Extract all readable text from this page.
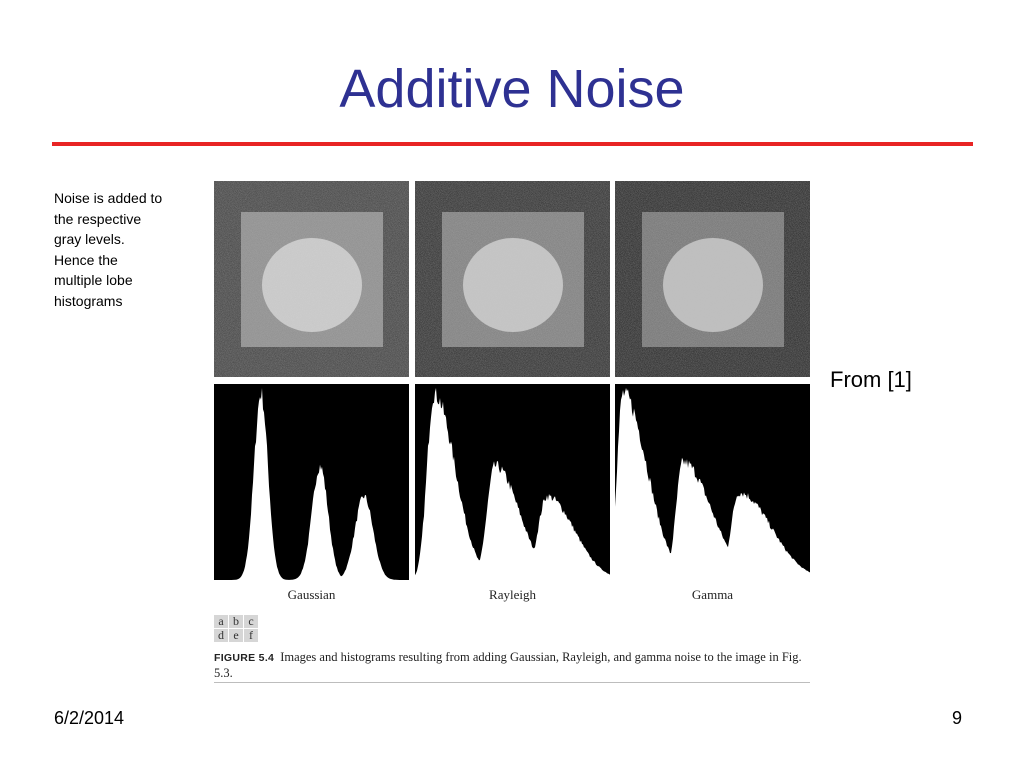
Additive Noise
Noise is added to the respective gray levels. Hence the multiple lobe histograms
From [1]
Gaussian	Rayleigh	Gamma
a b c
d e f
FIGURE 5.4 Images and histograms resulting from adding Gaussian, Rayleigh, and gamma noise to the image in Fig. 5.3.
6/2/2014	9
